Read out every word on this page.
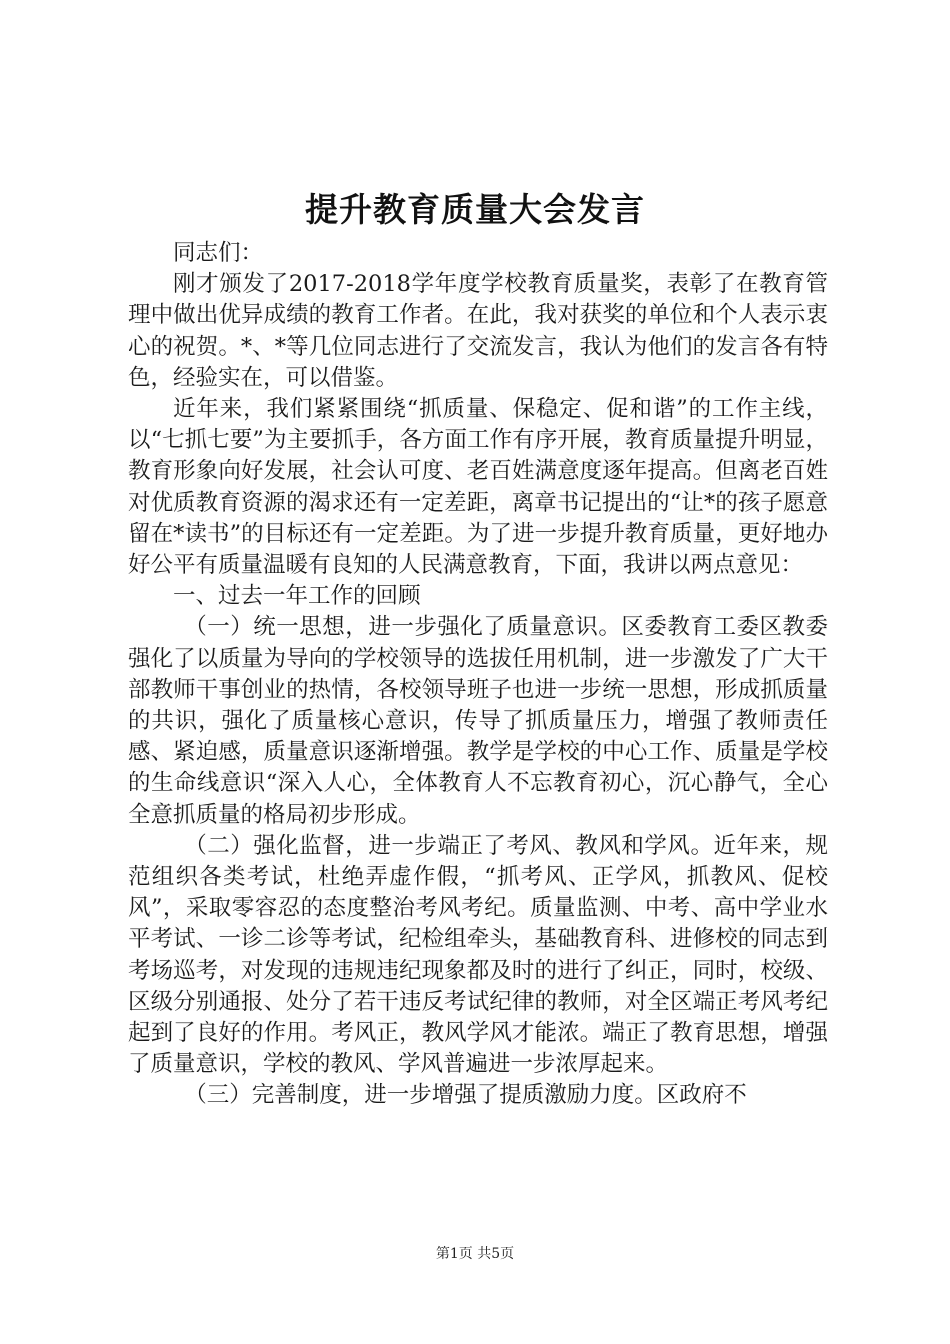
提升教育质量大会发言

同志们：

刚才颁发了2017-2018学年度学校教育质量奖，表彰了在教育管理中做出优异成绩的教育工作者。在此，我对获奖的单位和个人表示衷心的祝贺。*、*等几位同志进行了交流发言，我认为他们的发言各有特色，经验实在，可以借鉴。

近年来，我们紧紧围绕“抓质量、保稳定、促和谐”的工作主线，以“七抓七要”为主要抓手，各方面工作有序开展，教育质量提升明显，教育形象向好发展，社会认可度、老百姓满意度逐年提高。但离老百姓对优质教育资源的渴求还有一定差距，离章书记提出的“让*的孩子愿意留在*读书”的目标还有一定差距。为了进一步提升教育质量，更好地办好公平有质量温暖有良知的人民满意教育，下面，我讲以两点意见：

一、过去一年工作的回顾

（一）统一思想，进一步强化了质量意识。区委教育工委区教委强化了以质量为导向的学校领导的选拔任用机制，进一步激发了广大干部教师干事创业的热情，各校领导班子也进一步统一思想，形成抓质量的共识，强化了质量核心意识，传导了抓质量压力，增强了教师责任感、紧迫感，质量意识逐渐增强。教学是学校的中心工作、质量是学校的生命线意识“深入人心，全体教育人不忘教育初心，沉心静气，全心全意抓质量的格局初步形成。

（二）强化监督，进一步端正了考风、教风和学风。近年来，规范组织各类考试，杜绝弄虚作假，“抓考风、正学风，抓教风、促校风”，采取零容忍的态度整治考风考纪。质量监测、中考、高中学业水平考试、一诊二诊等考试，纪检组牵头，基础教育科、进修校的同志到考场巡考，对发现的违规违纪现象都及时的进行了纠正，同时，校级、区级分别通报、处分了若干违反考试纪律的教师，对全区端正考风考纪起到了良好的作用。考风正，教风学风才能浓。端正了教育思想，增强了质量意识，学校的教风、学风普遍进一步浓厚起来。

（三）完善制度，进一步增强了提质激励力度。区政府不

第1页 共5页
